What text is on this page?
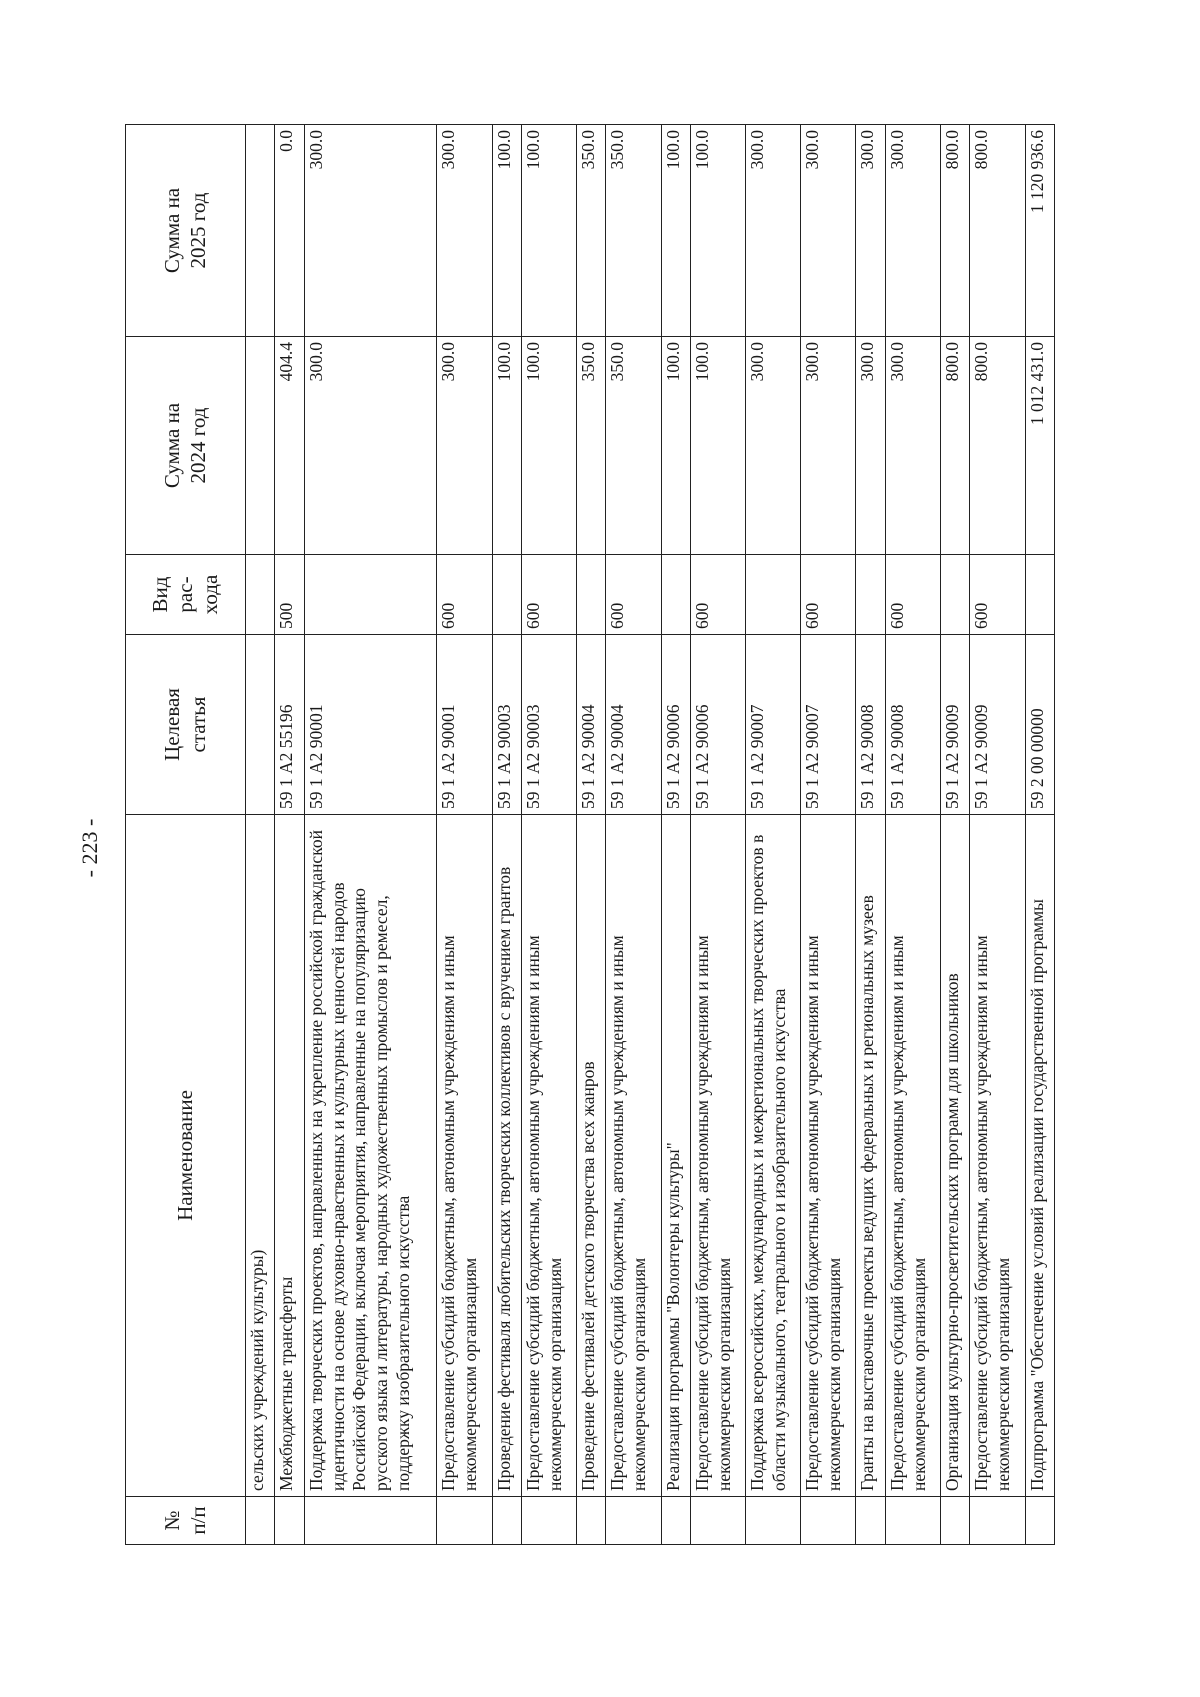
- 223 -
№ п/п	Наименование	Целевая статья	Вид рас- хода	Сумма на 2024 год	Сумма на 2025 год

	сельских учреждений культуры)				
	Межбюджетные трансферты	59 1 А2 55196	500	404.4	0.0
	Поддержка творческих проектов, направленных на укрепление российской гражданской идентичности на основе духовно-нравственных и культурных ценностей народов Российской Федерации, включая мероприятия, направленные на популяризацию русского языка и литературы, народных художественных промыслов и ремесел, поддержку изобразительного искусства	59 1 А2 90001		300.0	300.0
	Предоставление субсидий бюджетным, автономным учреждениям и иным некоммерческим организациям	59 1 А2 90001	600	300.0	300.0
	Проведение фестиваля любительских творческих коллективов с вручением грантов	59 1 А2 90003		100.0	100.0
	Предоставление субсидий бюджетным, автономным учреждениям и иным некоммерческим организациям	59 1 А2 90003	600	100.0	100.0
	Проведение фестивалей детского творчества всех жанров	59 1 А2 90004		350.0	350.0
	Предоставление субсидий бюджетным, автономным учреждениям и иным некоммерческим организациям	59 1 А2 90004	600	350.0	350.0
	Реализация программы "Волонтеры культуры"	59 1 А2 90006		100.0	100.0
	Предоставление субсидий бюджетным, автономным учреждениям и иным некоммерческим организациям	59 1 А2 90006	600	100.0	100.0
	Поддержка всероссийских, международных и межрегиональных творческих проектов в области музыкального, театрального и изобразительного искусства	59 1 А2 90007		300.0	300.0
	Предоставление субсидий бюджетным, автономным учреждениям и иным некоммерческим организациям	59 1 А2 90007	600	300.0	300.0
	Гранты на выставочные проекты ведущих федеральных и региональных музеев	59 1 А2 90008		300.0	300.0
	Предоставление субсидий бюджетным, автономным учреждениям и иным некоммерческим организациям	59 1 А2 90008	600	300.0	300.0
	Организация культурно-просветительских программ для школьников	59 1 А2 90009		800.0	800.0
	Предоставление субсидий бюджетным, автономным учреждениям и иным некоммерческим организациям	59 1 А2 90009	600	800.0	800.0
	Подпрограмма "Обеспечение условий реализации государственной программы	59 2 00 00000		1 012 431.0	1 120 936.6
